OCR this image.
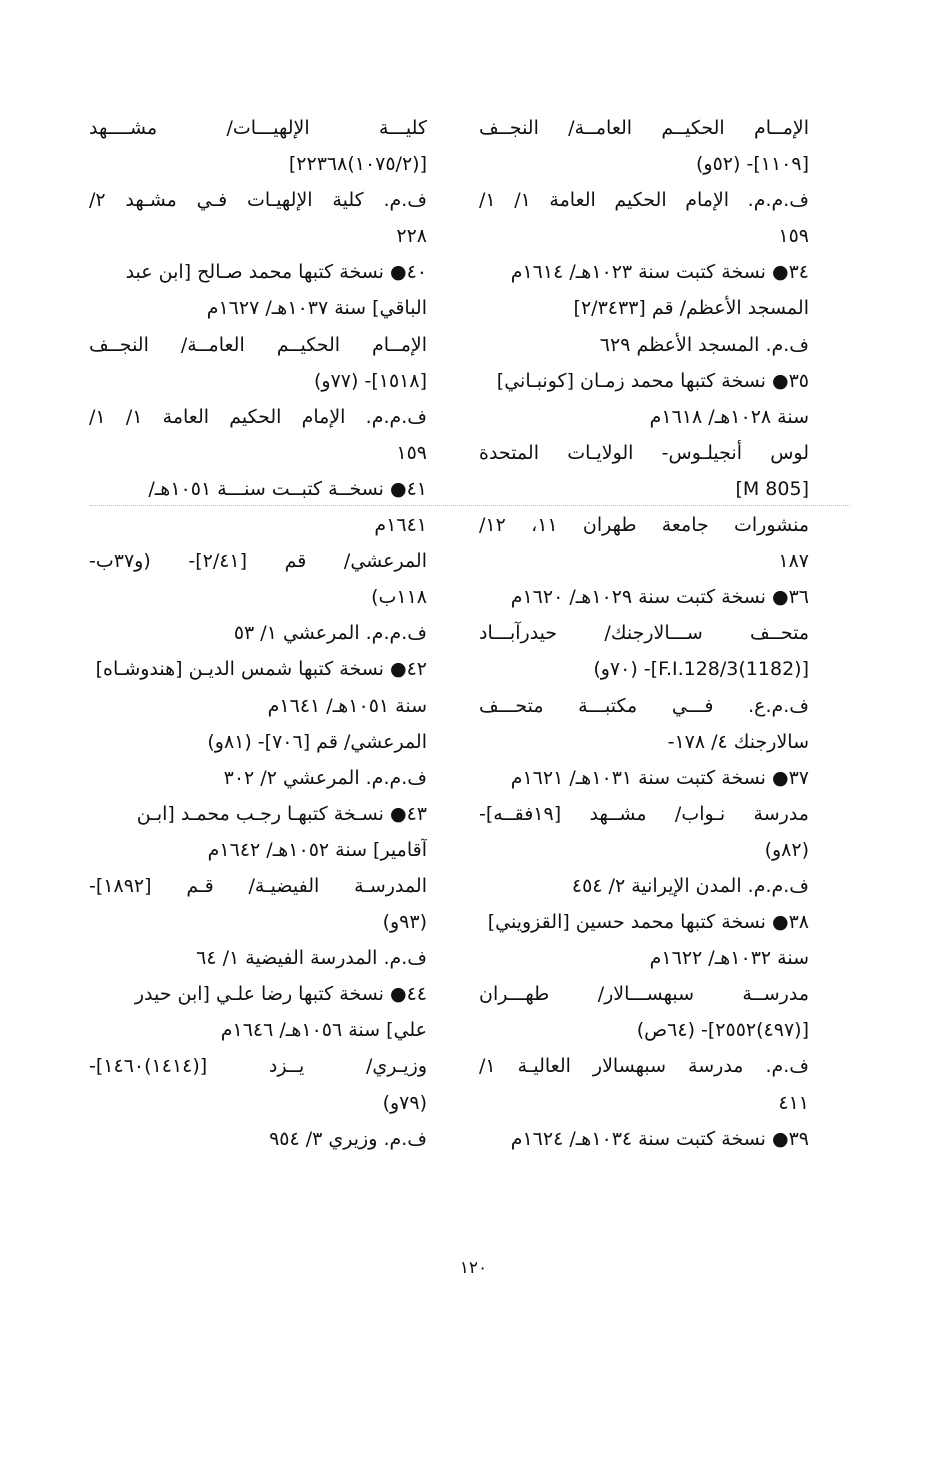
الإمــام الحكيــم العامــة/ النجــف
[١١٠٩]- (٥٢و)
ف.م.م. الإمام الحكيم العامة ١/ ١/
١٥٩
٣٤● نسخة كتبت سنة ١٠٢٣هـ/ ١٦١٤م
المسجد الأعظم/ قم [٢/٣٤٣٣]
ف.م. المسجد الأعظم ٦٢٩
٣٥● نسخة كتبها محمد زمـان [كونبـاني]
سنة ١٠٢٨هـ/ ١٦١٨م
لوس أنجيلـوس- الولايـات المتحدة
[M 805]
منشورات جامعة طهران ١١، ١٢/
١٨٧
٣٦● نسخة كتبت سنة ١٠٢٩هـ/ ١٦٢٠م
متحــف ســـالارجنك/ حيدرآبـــاد
[(1182)F.I.128/3]- (٧٠و)
ف.م.ع. فـــي مكتبـــة متحـــف
سالارجنك ٤/ ١٧٨-
٣٧● نسخة كتبت سنة ١٠٣١هـ/ ١٦٢١م
مدرسة نـواب/ مشــهد [١٩فقــه]-
(٨٢و)
ف.م.م. المدن الإيرانية ٢/ ٤٥٤
٣٨● نسخة كتبها محمد حسين [القزويني]
سنة ١٠٣٢هـ/ ١٦٢٢م
مدرســة سبهســـالار/ طهـــران
[(٤٩٧)٢٥٥٢]- (٦٤ص)
ف.م. مدرسة سبهسالار العاليـة ١/
٤١١
٣٩● نسخة كتبت سنة ١٠٣٤هـ/ ١٦٢٤م
كليـــة الإلهيـــات/ مشــــهد
[(١٠٧٥/٢)٢٢٣٦٨]
ف.م. كلية الإلهيـات فـي مشـهد ٢/
٢٢٨
٤٠● نسخة كتبها محمد صـالح [ابن عبد
الباقي] سنة ١٠٣٧هـ/ ١٦٢٧م
الإمــام الحكيــم العامــة/ النجــف
[١٥١٨]- (٧٧و)
ف.م.م. الإمام الحكيم العامة ١/ ١/
١٥٩
٤١● نسخــة كتبــت سنـــة ١٠٥١هـ/
١٦٤١م
المرعشي/ قم [٢/٤١]- (و٣٧ب-
١١٨ب)
ف.م.م. المرعشي ١/ ٥٣
٤٢● نسخة كتبها شمس الديـن [هندوشـاه]
سنة ١٠٥١هـ/ ١٦٤١م
المرعشي/ قم [٧٠٦]- (٨١و)
ف.م.م. المرعشي ٢/ ٣٠٢
٤٣● نسـخة كتبهـا رجـب محمـد [ابـن
آقامير] سنة ١٠٥٢هـ/ ١٦٤٢م
المدرسـة الفيضيـة/ قـم [١٨٩٢]-
(٩٣و)
ف.م. المدرسة الفيضية ١/ ٦٤
٤٤● نسخة كتبها رضا علـي [ابن حيدر
علي] سنة ١٠٥٦هـ/ ١٦٤٦م
وزيـري/ يــزد [(١٤١٤)١٤٦٠]-
(٧٩و)
ف.م. وزيري ٣/ ٩٥٤
١٢٠
